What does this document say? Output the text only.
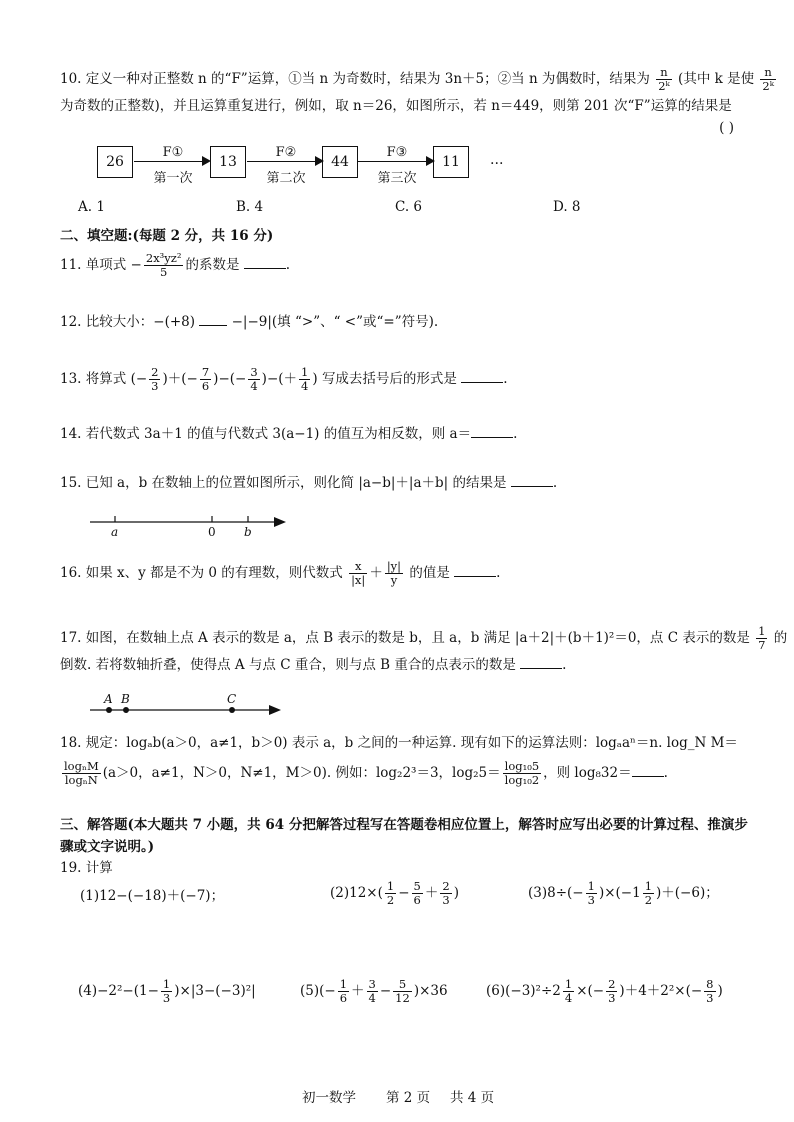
10. 定义一种对正整数 n 的“F”运算，①当 n 为奇数时，结果为 3n＋5；②当 n 为偶数时，结果为 $\frac{n}{\text{2ᵏ}}$ (其中 k 是使 $\frac{n}{\text{2ᵏ}}$
为奇数的正整数)，并且运算重复进行，例如，取 n＝26，如图所示，若 n＝449，则第 201 次“F”运算的结果是
( )
26
F①
第一次
13
F②
第二次
44
F③
第三次
11	…
A. 1	B. 4	C. 6	D. 8
二、填空题:(每题 2 分，共 16 分)
11. 单项式 − $\frac{\text{2x³yz²}}{5}$ 的系数是	.
12. 比较大小：−(+8)	−|−9|(填 “>”、“ <”或“=”符号).
13. 将算式 (− $\frac{2}{3}$ )＋(− $\frac{7}{6}$ )−(− $\frac{3}{4}$ )−(＋ $\frac{1}{4}$ ) 写成去括号后的形式是	.
14. 若代数式 3a＋1 的值与代数式 3(a−1) 的值互为相反数，则 a＝	.
15. 已知 a，b 在数轴上的位置如图所示，则化简 |a−b|＋|a＋b| 的结果是	.
a	0 b
16. 如果 x、y 都是不为 0 的有理数，则代数式 $\frac{x}{|x|} + \frac{|y|}{y}$ 的值是	.
17. 如图，在数轴上点 A 表示的数是 a，点 B 表示的数是 b，且 a，b 满足 |a＋2|＋(b＋1)²＝0，点 C 表示的数是 $\frac{1}{7}$ 的
倒数. 若将数轴折叠，使得点 A 与点 C 重合，则与点 B 重合的点表示的数是	.
A B	C
18. 规定：logₐb(a＞0，a≠1，b＞0) 表示 a，b 之间的一种运算. 现有如下的运算法则：logₐaⁿ＝n. log_N M＝
$\frac{\text{logₙM}}{\text{logₙN}} (a>0$，a≠1，N＞0，N≠1，M＞0). 例如：log₂2³＝3，$\log_25= \frac{\text{log₁₀5}}{\text{log₁₀2}}$ ，则 log₈32＝ .
三、解答题(本大题共 7 小题，共 64 分把解答过程写在答题卷相应位置上，解答时应写出必要的计算过程、推演步骤或文字说明。)
19. 计算
(1)12−(−18)＋(−7)；	$(2)12\times( \frac{1}{2} - \frac{5}{6} + \frac{2}{3}$ )	$(3)8\div(- \frac{1}{3} )\times(-1 \frac{1}{2} )+(-6)$；
$(4)-2^2-(1- \frac{1}{3} )\times|3-(-3)^2|$	$(5)(- \frac{1}{6} + \frac{3}{4} - \frac{5}{12} )\times 36$	$(6)(-3)^2\div 2 \frac{1}{4}$ ×(− $\frac{2}{3} )+4+2^2\times(- \frac{8}{3}$ )
初一数学 第 2 页 共 4 页
